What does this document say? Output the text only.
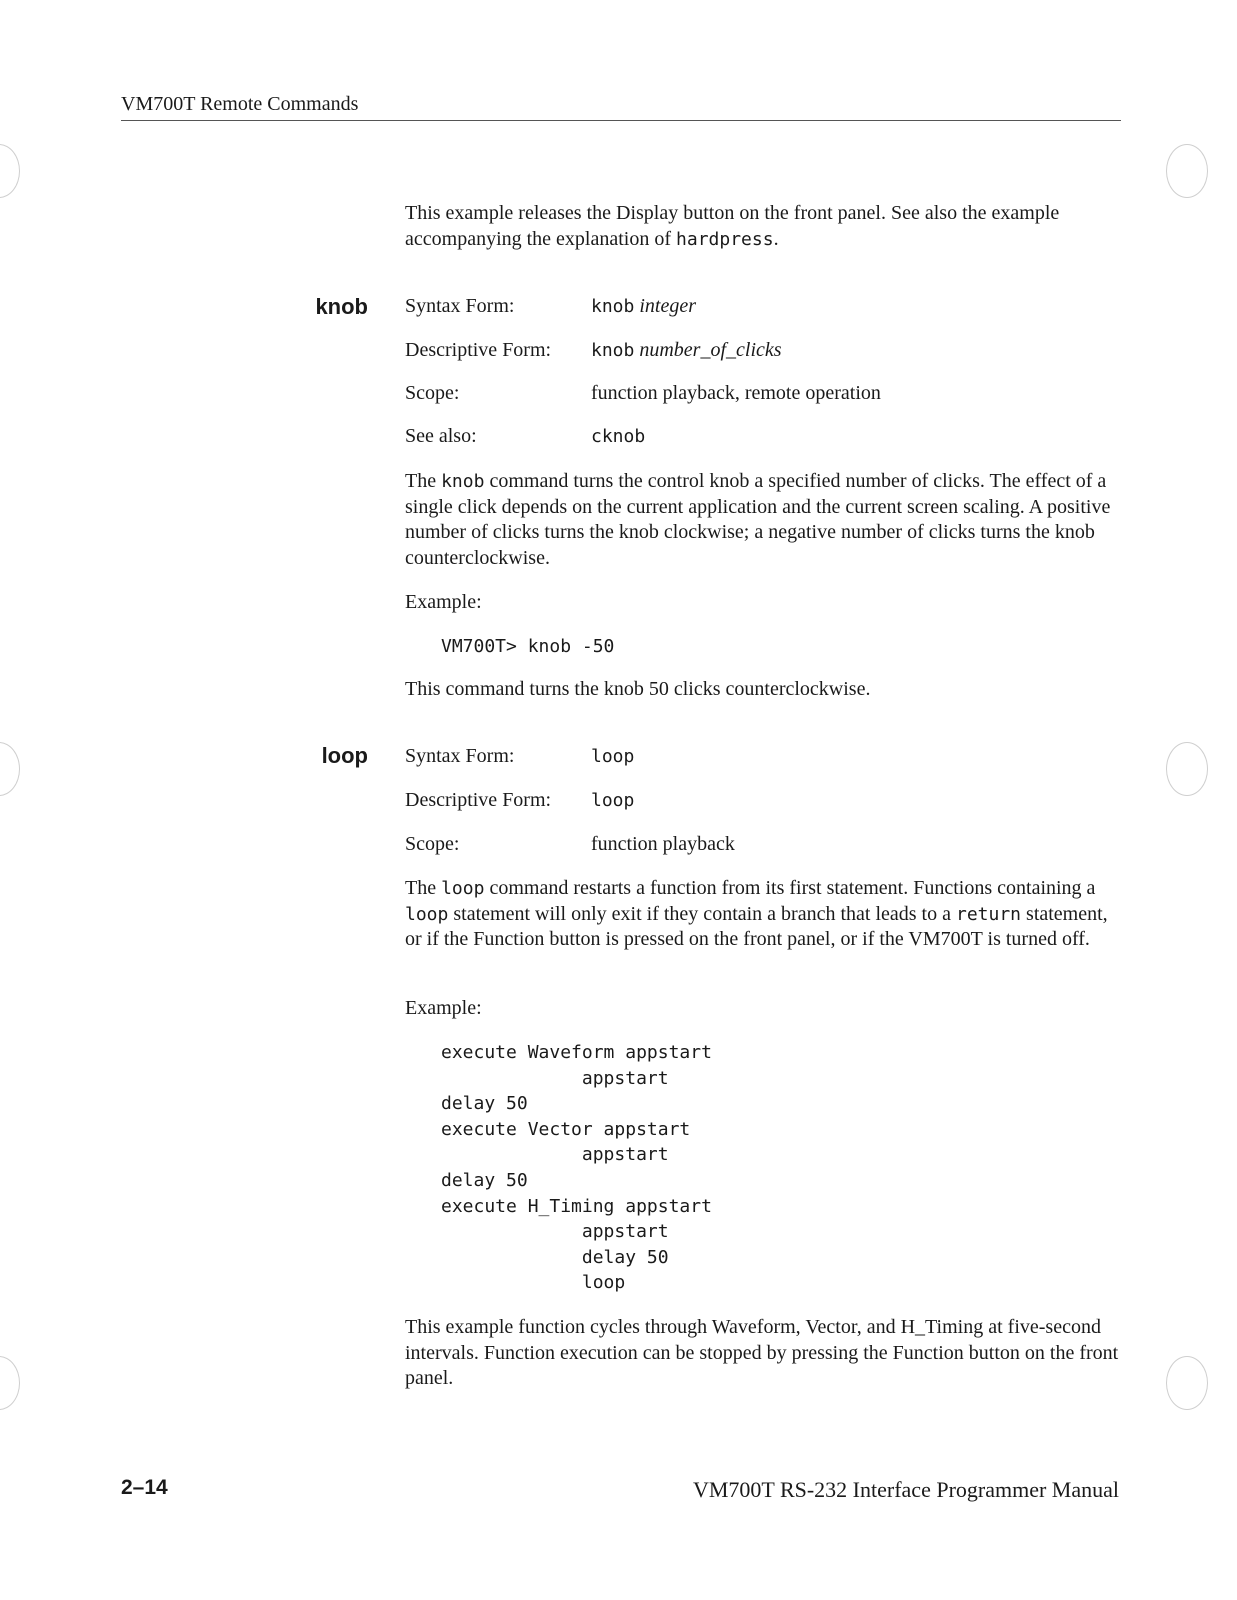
VM700T Remote Commands

This example releases the Display button on the front panel. See also the example accompanying the explanation of hardpress.

knob Syntax Form:	knob integer
Descriptive Form: knob number_of_clicks
Scope:	function playback, remote operation
See also:	cknob

The knob command turns the control knob a specified number of clicks. The effect of a single click depends on the current application and the current screen scaling. A positive number of clicks turns the knob clockwise; a negative number of clicks turns the knob counterclockwise.

Example:
VM700T> knob -50
This command turns the knob 50 clicks counterclockwise.
loop Syntax Form:	loop
Descriptive Form: loop
Scope:	function playback

The loop command restarts a function from its first statement. Functions containing a loop statement will only exit if they contain a branch that leads to a return statement, or if the Function button is pressed on the front panel, or if the VM700T is turned off.

Example:
execute Waveform appstart
appstart
delay 50
execute Vector appstart
appstart
delay 50
execute H_Timing appstart
appstart
delay 50
loop
This example function cycles through Waveform, Vector, and H_Timing at five-second intervals. Function execution can be stopped by pressing the Function button on the front panel.
2–14	VM700T RS-232 Interface Programmer Manual
